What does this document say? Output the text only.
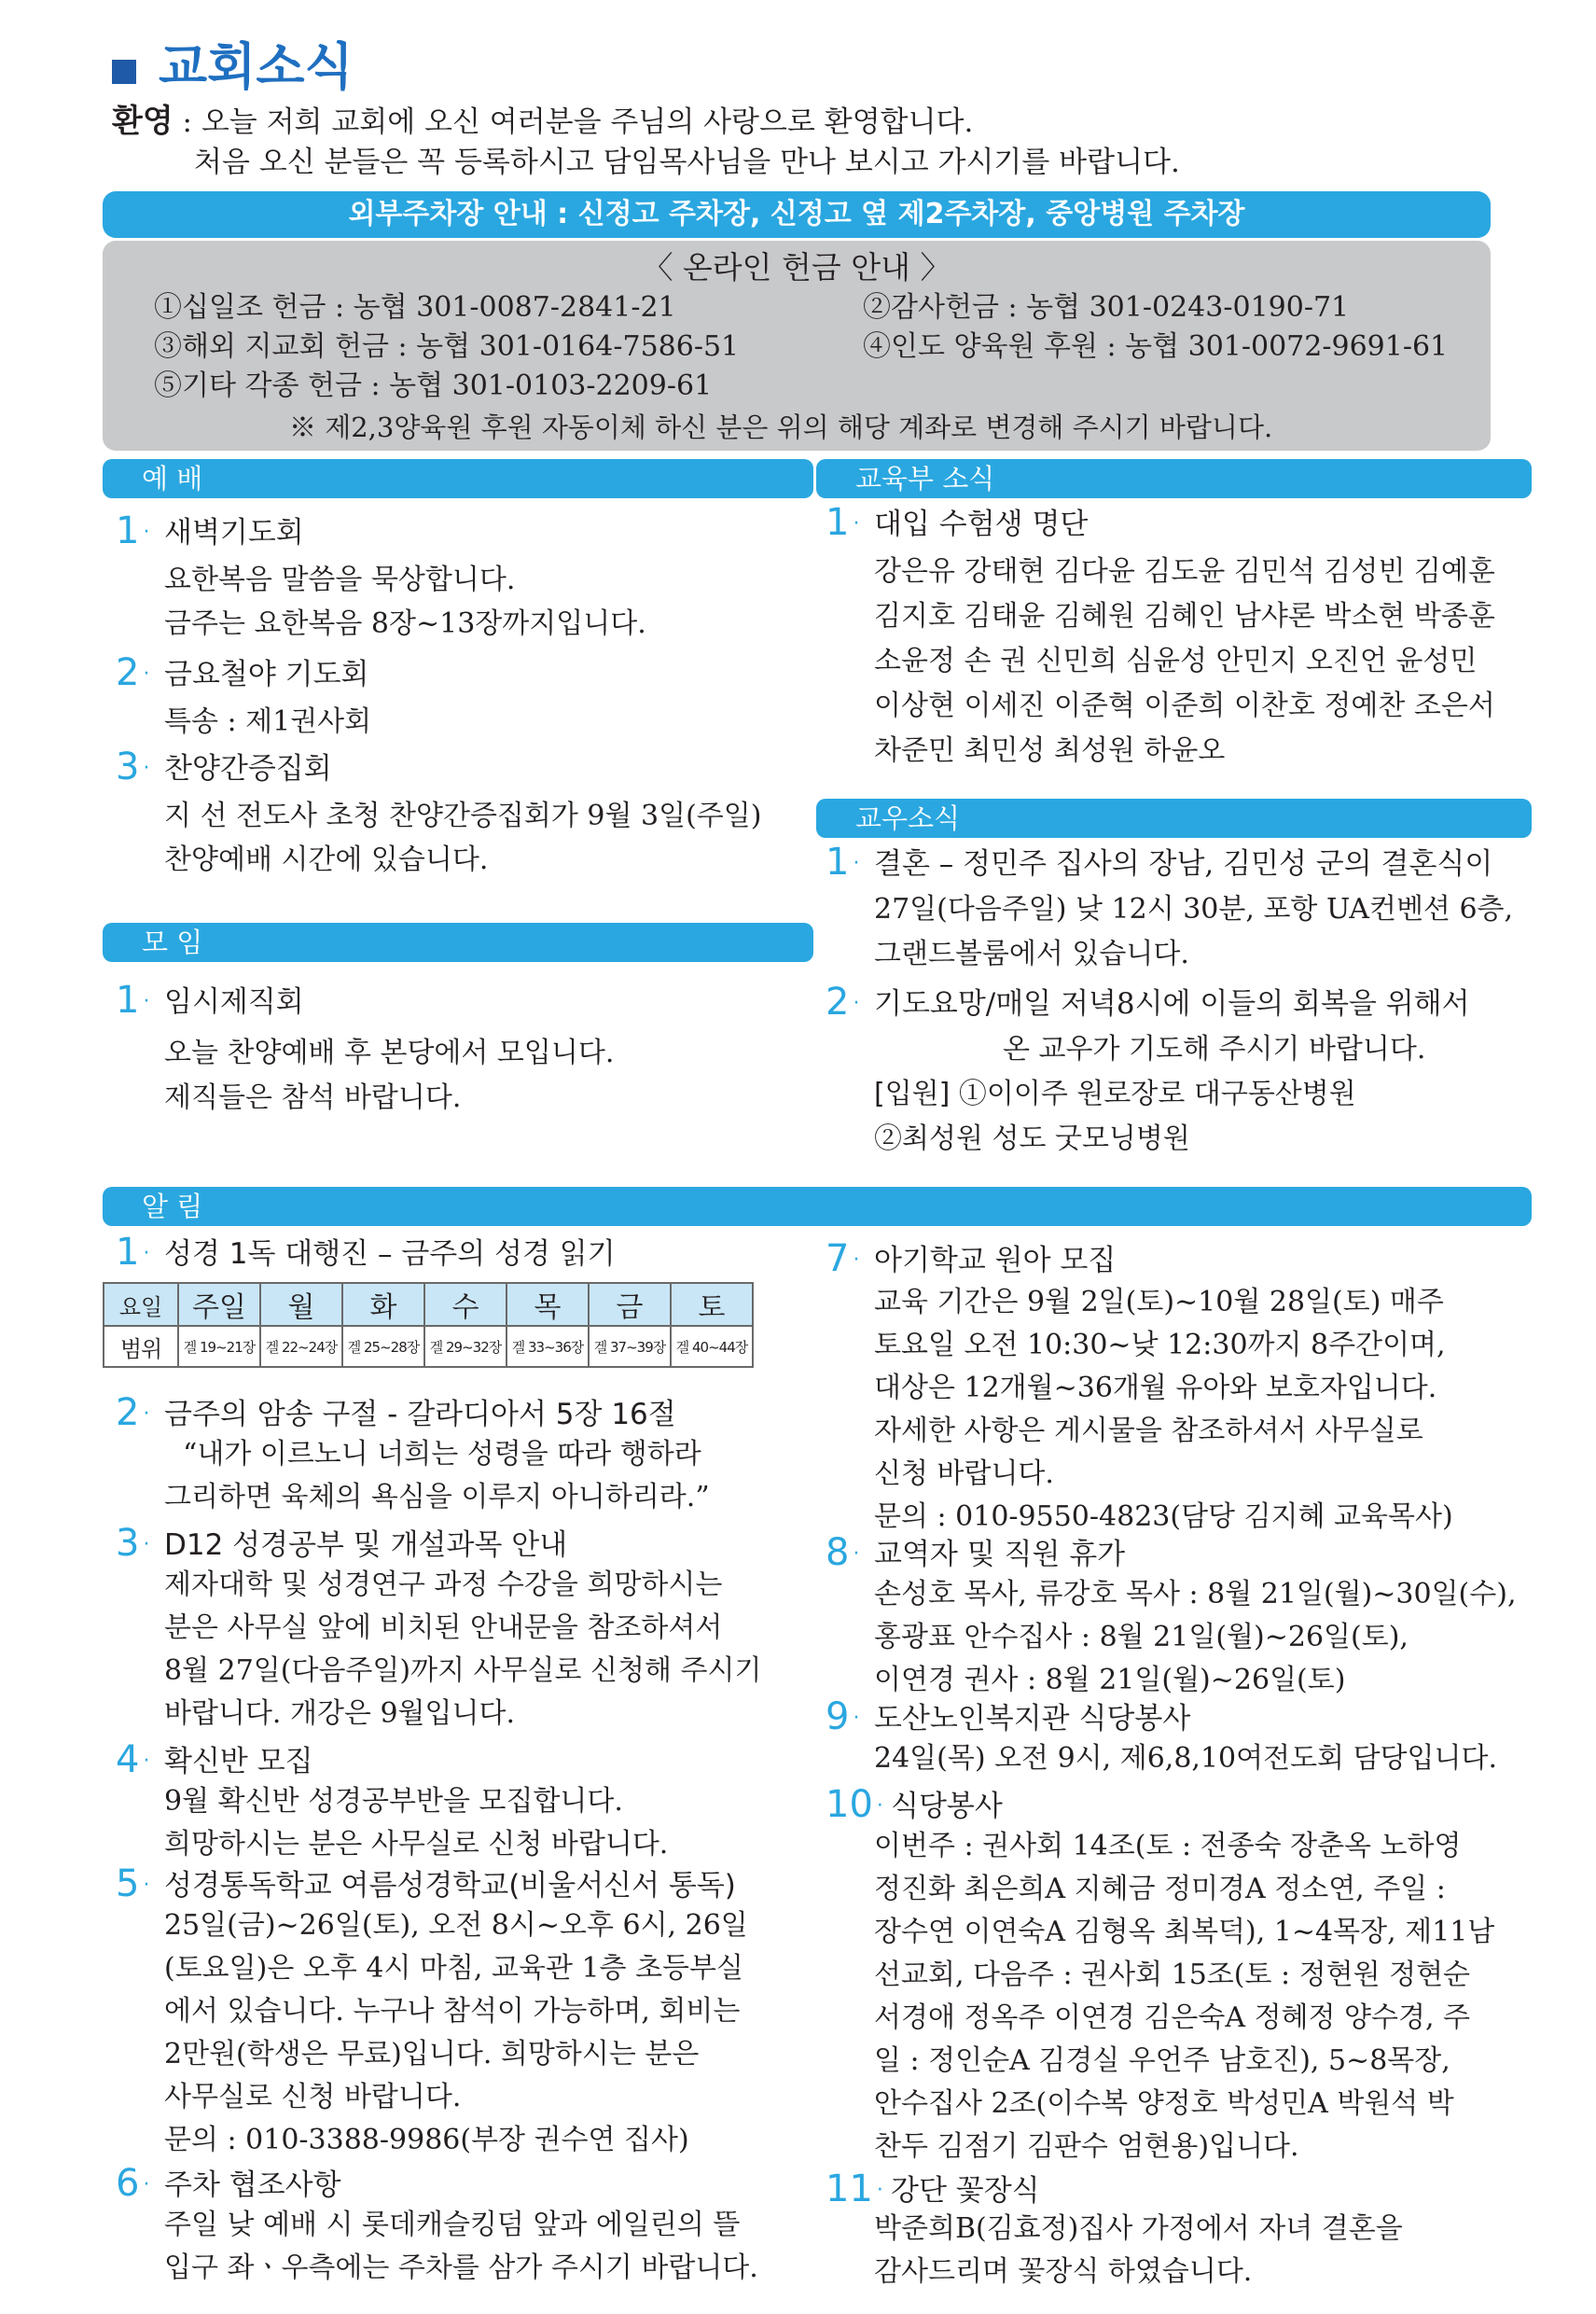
교회소식
환영 : 오늘 저희 교회에 오신 여러분을 주님의 사랑으로 환영합니다.
처음 오신 분들은 꼭 등록하시고 담임목사님을 만나 보시고 가시기를 바랍니다.
외부주차장 안내 : 신정고 주차장, 신정고 옆 제2주차장, 중앙병원 주차장
〈 온라인 헌금 안내 〉
①십일조 헌금 : 농협 301-0087-2841-21	②감사헌금 : 농협 301-0243-0190-71
③해외 지교회 헌금 : 농협 301-0164-7586-51	④인도 양육원 후원 : 농협 301-0072-9691-61
⑤기타 각종 헌금 : 농협 301-0103-2209-61
※ 제2,3양육원 후원 자동이체 하신 분은 위의 해당 계좌로 변경해 주시기 바랍니다.
예 배
1 · 새벽기도회
요한복음 말씀을 묵상합니다.
금주는 요한복음 8장~13장까지입니다.
2 · 금요철야 기도회
특송 : 제1권사회
3 · 찬양간증집회
지 선 전도사 초청 찬양간증집회가 9월 3일(주일)
찬양예배 시간에 있습니다.
모 임
1 · 임시제직회
오늘 찬양예배 후 본당에서 모입니다.
제직들은 참석 바랍니다.
교육부 소식
1 · 대입 수험생 명단
강은유 강태현 김다윤 김도윤 김민석 김성빈 김예훈
김지호 김태윤 김혜원 김혜인 남샤론 박소현 박종훈
소윤정 손 권 신민희 심윤성 안민지 오진언 윤성민
이상현 이세진 이준혁 이준희 이찬호 정예찬 조은서
차준민 최민성 최성원 하윤오
교우소식
1 · 결혼 – 정민주 집사의 장남, 김민성 군의 결혼식이
27일(다음주일) 낮 12시 30분, 포항 UA컨벤션 6층,
그랜드볼룸에서 있습니다.
2 · 기도요망/매일 저녁8시에 이들의 회복을 위해서
온 교우가 기도해 주시기 바랍니다.
[입원] ①이이주 원로장로 대구동산병원
②최성원 성도 굿모닝병원
알 림
1 · 성경 1독 대행진 – 금주의 성경 읽기
요일	주일	월	화	수	목	금	토
범위	겔 19~21장	겔 22~24장	겔 25~28장	겔 29~32장	겔 33~36장	겔 37~39장	겔 40~44장
2 · 금주의 암송 구절 - 갈라디아서 5장 16절
“내가 이르노니 너희는 성령을 따라 행하라
그리하면 육체의 욕심을 이루지 아니하리라.”
3 · D12 성경공부 및 개설과목 안내
제자대학 및 성경연구 과정 수강을 희망하시는
분은 사무실 앞에 비치된 안내문을 참조하셔서
8월 27일(다음주일)까지 사무실로 신청해 주시기
바랍니다. 개강은 9월입니다.
4 · 확신반 모집
9월 확신반 성경공부반을 모집합니다.
희망하시는 분은 사무실로 신청 바랍니다.
5 · 성경통독학교 여름성경학교(비울서신서 통독)
25일(금)~26일(토), 오전 8시~오후 6시, 26일
(토요일)은 오후 4시 마침, 교육관 1층 초등부실
에서 있습니다. 누구나 참석이 가능하며, 회비는
2만원(학생은 무료)입니다. 희망하시는 분은
사무실로 신청 바랍니다.
문의 : 010-3388-9986(부장 권수연 집사)
6 · 주차 협조사항
주일 낮 예배 시 롯데캐슬킹덤 앞과 에일린의 뜰
입구 좌ㆍ우측에는 주차를 삼가 주시기 바랍니다.
7 · 아기학교 원아 모집
교육 기간은 9월 2일(토)~10월 28일(토) 매주
토요일 오전 10:30~낮 12:30까지 8주간이며,
대상은 12개월~36개월 유아와 보호자입니다.
자세한 사항은 게시물을 참조하셔서 사무실로
신청 바랍니다.
문의 : 010-9550-4823(담당 김지혜 교육목사)
8 · 교역자 및 직원 휴가
손성호 목사, 류강호 목사 : 8월 21일(월)~30일(수),
홍광표 안수집사 : 8월 21일(월)~26일(토),
이연경 권사 : 8월 21일(월)~26일(토)
9 · 도산노인복지관 식당봉사
24일(목) 오전 9시, 제6,8,10여전도회 담당입니다.
10 · 식당봉사
이번주 : 권사회 14조(토 : 전종숙 장춘옥 노하영
정진화 최은희A 지혜금 정미경A 정소연, 주일 :
장수연 이연숙A 김형옥 최복덕), 1~4목장, 제11남
선교회, 다음주 : 권사회 15조(토 : 정현원 정현순
서경애 정옥주 이연경 김은숙A 정혜정 양수경, 주
일 : 정인순A 김경실 우언주 남호진), 5~8목장,
안수집사 2조(이수복 양정호 박성민A 박원석 박
찬두 김점기 김판수 엄현용)입니다.
11 · 강단 꽃장식
박준희B(김효정)집사 가정에서 자녀 결혼을
감사드리며 꽃장식 하였습니다.
